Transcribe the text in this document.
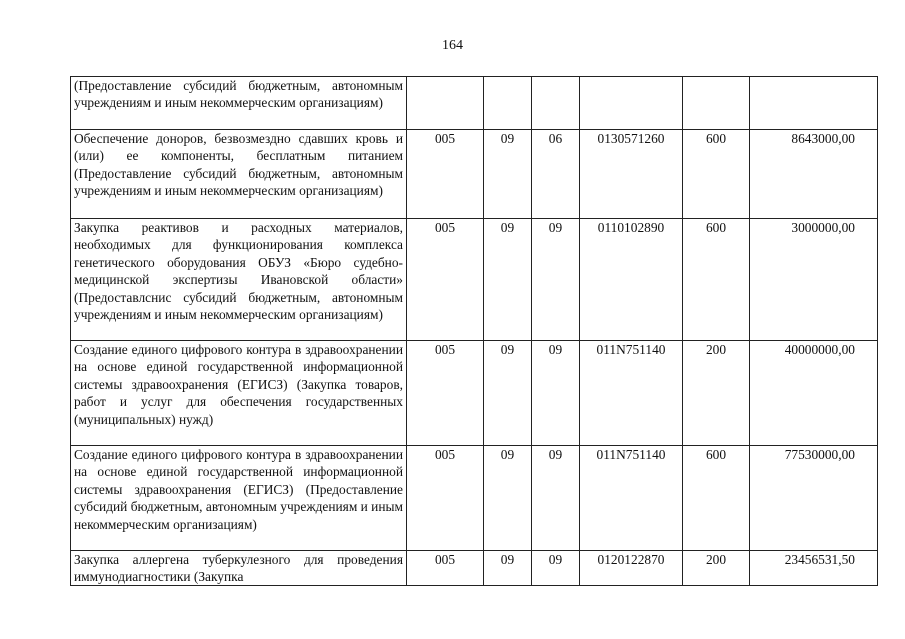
164
(Предоставление субсидий бюджетным, автономным учреждениям и иным некоммерческим организациям)						
Обеспечение доноров, безвозмездно сдавших кровь и (или) ее компоненты, бесплатным питанием (Предоставление субсидий бюджетным, автономным учреждениям и иным некоммерческим организациям)	005	09	06	0130571260	600	8643000,00
Закупка реактивов и расходных материалов, необходимых для функционирования комплекса генетического оборудования ОБУЗ «Бюро судебно-медицинской экспертизы Ивановской области» (Предоставлснис субсидий бюджетным, автономным учреждениям и иным некоммерческим организациям)	005	09	09	0110102890	600	3000000,00
Создание единого цифрового контура в здравоохранении на основе единой государственной информационной системы здравоохранения (ЕГИСЗ) (Закупка товаров, работ и услуг для обеспечения государственных (муниципальных) нужд)	005	09	09	011N751140	200	40000000,00
Создание единого цифрового контура в здравоохранении на основе единой государственной информационной системы здравоохранения (ЕГИСЗ) (Предоставление субсидий бюджетным, автономным учреждениям и иным некоммерческим организациям)	005	09	09	011N751140	600	77530000,00

Закупка аллергена туберкулезного для проведения иммунодиагностики (Закупка	005	09	09	0120122870	200	23456531,50
